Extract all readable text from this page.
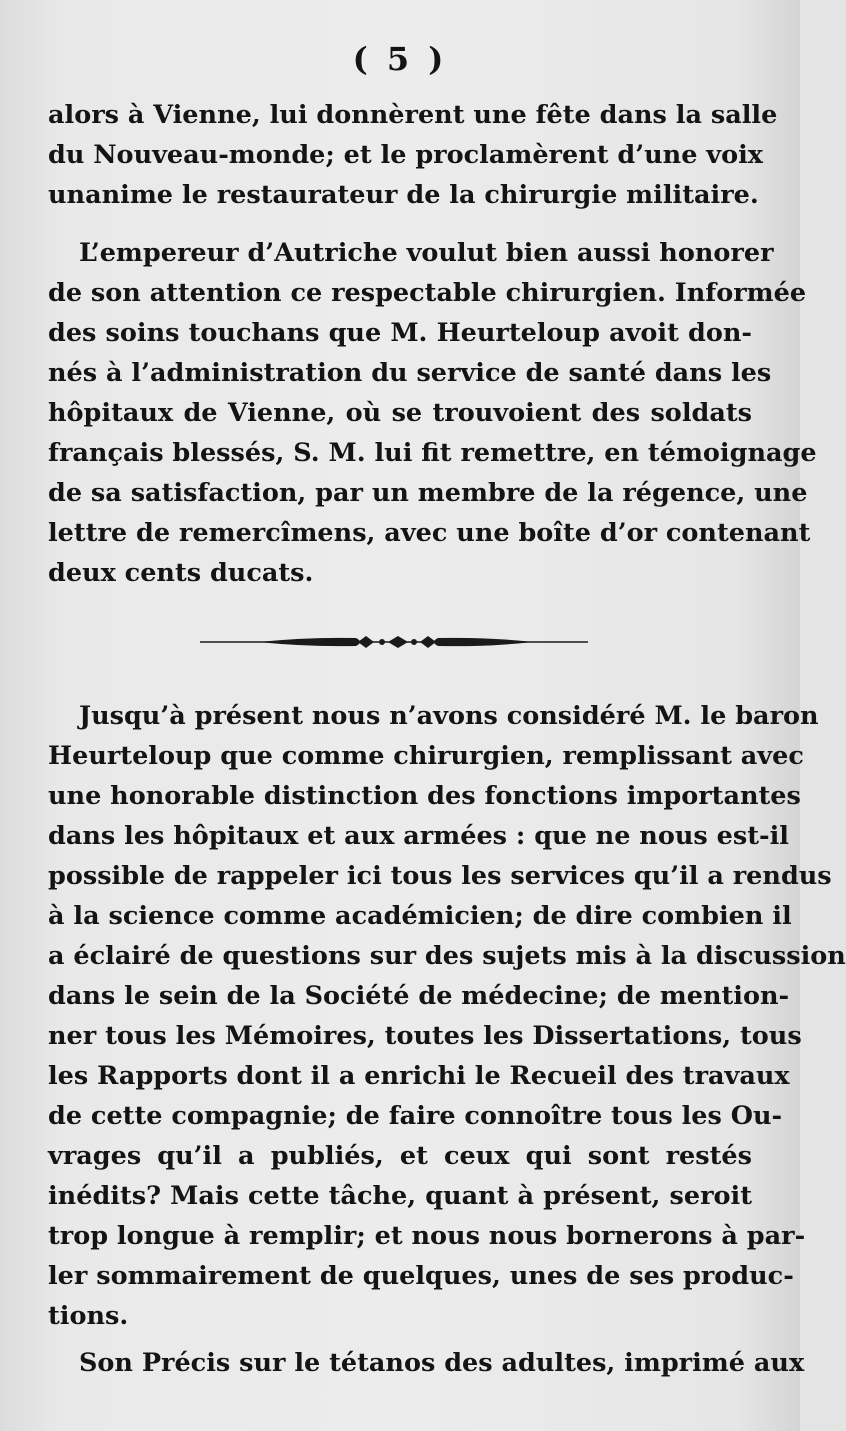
( 5 )
alors à Vienne, lui donnèrent une fête dans la salle
du Nouveau-monde; et le proclamèrent d’une voix
unanime le restaurateur de la chirurgie militaire.
L’empereur d’Autriche voulut bien aussi honorer
de son attention ce respectable chirurgien. Informée
des soins touchans que M. Heurteloup avoit don-
nés à l’administration du service de santé dans les
hôpitaux de Vienne, où se trouvoient des soldats
français blessés, S. M. lui fit remettre, en témoignage
de sa satisfaction, par un membre de la régence, une
lettre de remercîmens, avec une boîte d’or contenant
deux cents ducats.
Jusqu’à présent nous n’avons considéré M. le baron
Heurteloup que comme chirurgien, remplissant avec
une honorable distinction des fonctions importantes
dans les hôpitaux et aux armées : que ne nous est-il
possible de rappeler ici tous les services qu’il a rendus
à la science comme académicien; de dire combien il
a éclairé de questions sur des sujets mis à la discussion
dans le sein de la Société de médecine; de mention-
ner tous les Mémoires, toutes les Dissertations, tous
les Rapports dont il a enrichi le Recueil des travaux
de cette compagnie; de faire connoître tous les Ou-
vrages qu’il a publiés, et ceux qui sont restés
inédits? Mais cette tâche, quant à présent, seroit
trop longue à remplir; et nous nous bornerons à par-
ler sommairement de quelques, unes de ses produc-
tions.
Son Précis sur le tétanos des adultes, imprimé aux
